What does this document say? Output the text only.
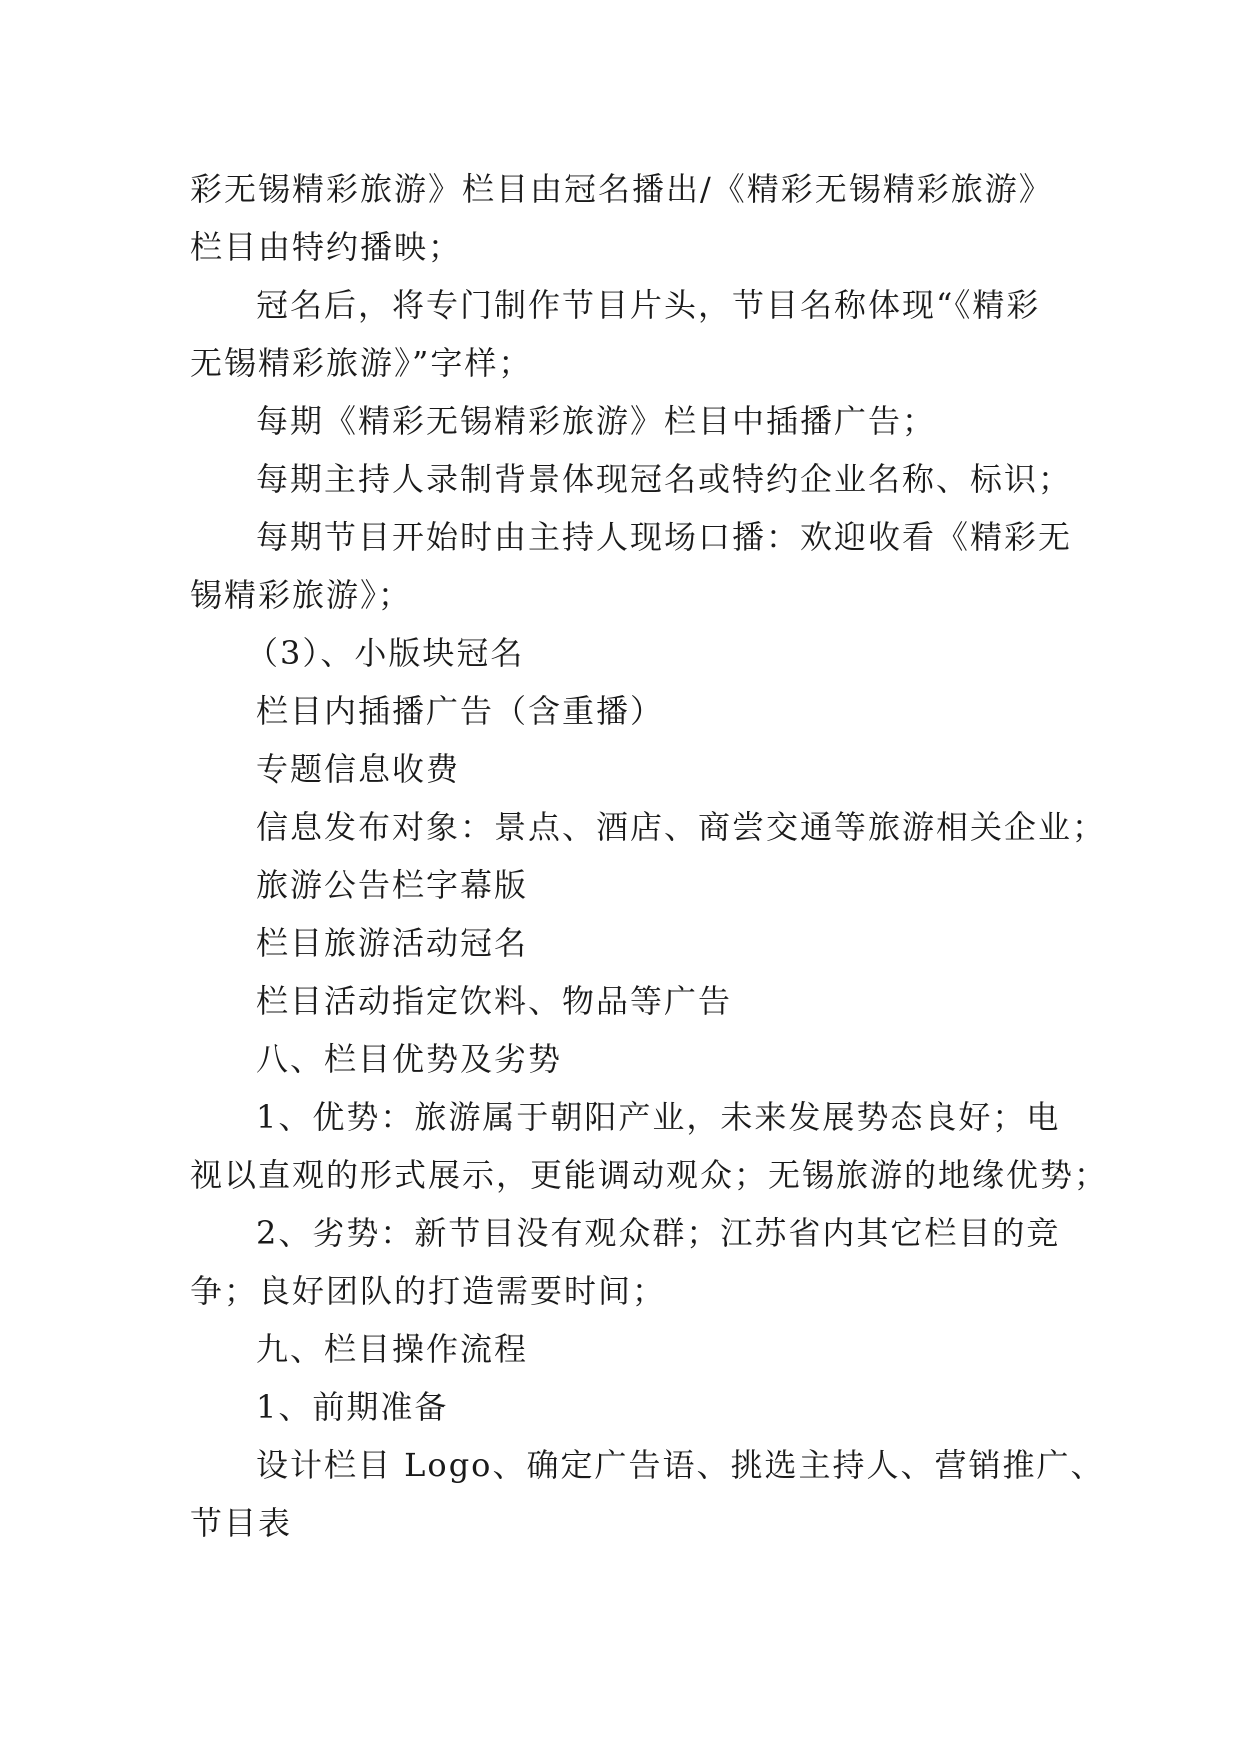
彩无锡精彩旅游》栏目由冠名播出/《精彩无锡精彩旅游》
栏目由特约播映；
冠名后，将专门制作节目片头，节目名称体现“《精彩
无锡精彩旅游》”字样；
每期《精彩无锡精彩旅游》栏目中插播广告；
每期主持人录制背景体现冠名或特约企业名称、标识；
每期节目开始时由主持人现场口播：欢迎收看《精彩无
锡精彩旅游》；
（3）、小版块冠名
栏目内插播广告（含重播）
专题信息收费
信息发布对象：景点、酒店、商尝交通等旅游相关企业；
旅游公告栏字幕版
栏目旅游活动冠名
栏目活动指定饮料、物品等广告
八、栏目优势及劣势
1、优势：旅游属于朝阳产业，未来发展势态良好；电
视以直观的形式展示，更能调动观众；无锡旅游的地缘优势；
2、劣势：新节目没有观众群；江苏省内其它栏目的竞
争；良好团队的打造需要时间；
九、栏目操作流程
1、前期准备
设计栏目 Logo、确定广告语、挑选主持人、营销推广、
节目表
